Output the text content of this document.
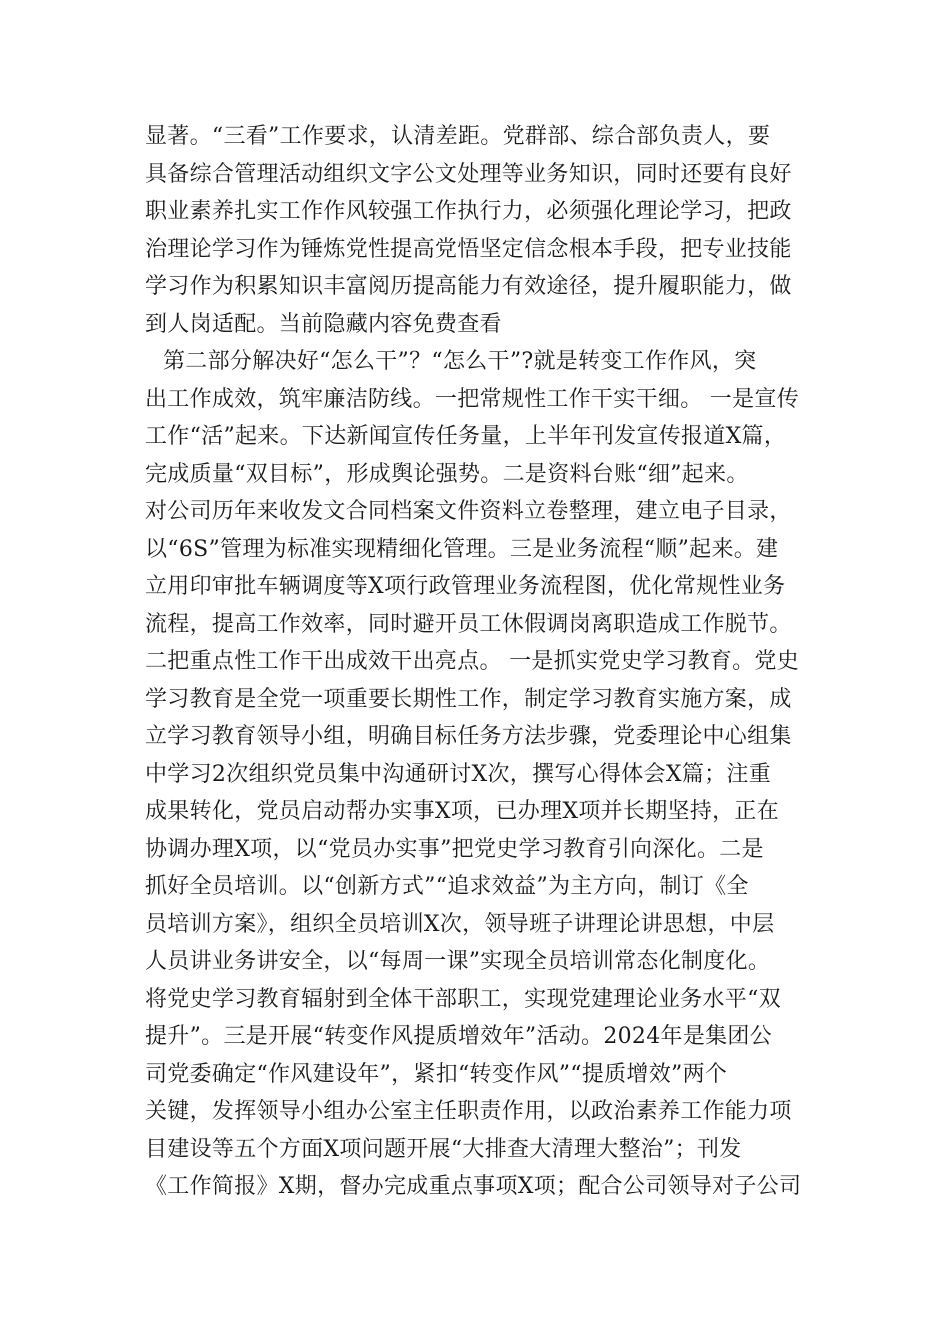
显著。“三看”工作要求，认清差距。党群部、综合部负责人，要
具备综合管理活动组织文字公文处理等业务知识，同时还要有良好
职业素养扎实工作作风较强工作执行力，必须强化理论学习，把政
治理论学习作为锤炼党性提高党悟坚定信念根本手段，把专业技能
学习作为积累知识丰富阅历提高能力有效途径，提升履职能力，做
到人岗适配。当前隐藏内容免费查看
第二部分解决好“怎么干”？“怎么干”?就是转变工作作风，突
出工作成效，筑牢廉洁防线。一把常规性工作干实干细。 一是宣传
工作“活”起来。下达新闻宣传任务量，上半年刊发宣传报道X篇，
完成质量“双目标”，形成舆论强势。二是资料台账“细”起来。
对公司历年来收发文合同档案文件资料立卷整理，建立电子目录，
以“6S”管理为标准实现精细化管理。三是业务流程“顺”起来。建
立用印审批车辆调度等X项行政管理业务流程图，优化常规性业务
流程，提高工作效率，同时避开员工休假调岗离职造成工作脱节。
二把重点性工作干出成效干出亮点。 一是抓实党史学习教育。党史
学习教育是全党一项重要长期性工作，制定学习教育实施方案，成
立学习教育领导小组，明确目标任务方法步骤，党委理论中心组集
中学习2次组织党员集中沟通研讨X次，撰写心得体会X篇；注重
成果转化，党员启动帮办实事X项，已办理X项并长期坚持，正在
协调办理X项，以“党员办实事”把党史学习教育引向深化。二是
抓好全员培训。以“创新方式”“追求效益”为主方向，制订《全
员培训方案》，组织全员培训X次，领导班子讲理论讲思想，中层
人员讲业务讲安全，以“每周一课”实现全员培训常态化制度化。
将党史学习教育辐射到全体干部职工，实现党建理论业务水平“双
提升”。三是开展“转变作风提质增效年”活动。2024年是集团公
司党委确定“作风建设年”，紧扣“转变作风”“提质增效”两个
关键，发挥领导小组办公室主任职责作用，以政治素养工作能力项
目建设等五个方面X项问题开展“大排查大清理大整治”；刊发
《工作简报》X期，督办完成重点事项X项；配合公司领导对子公司
